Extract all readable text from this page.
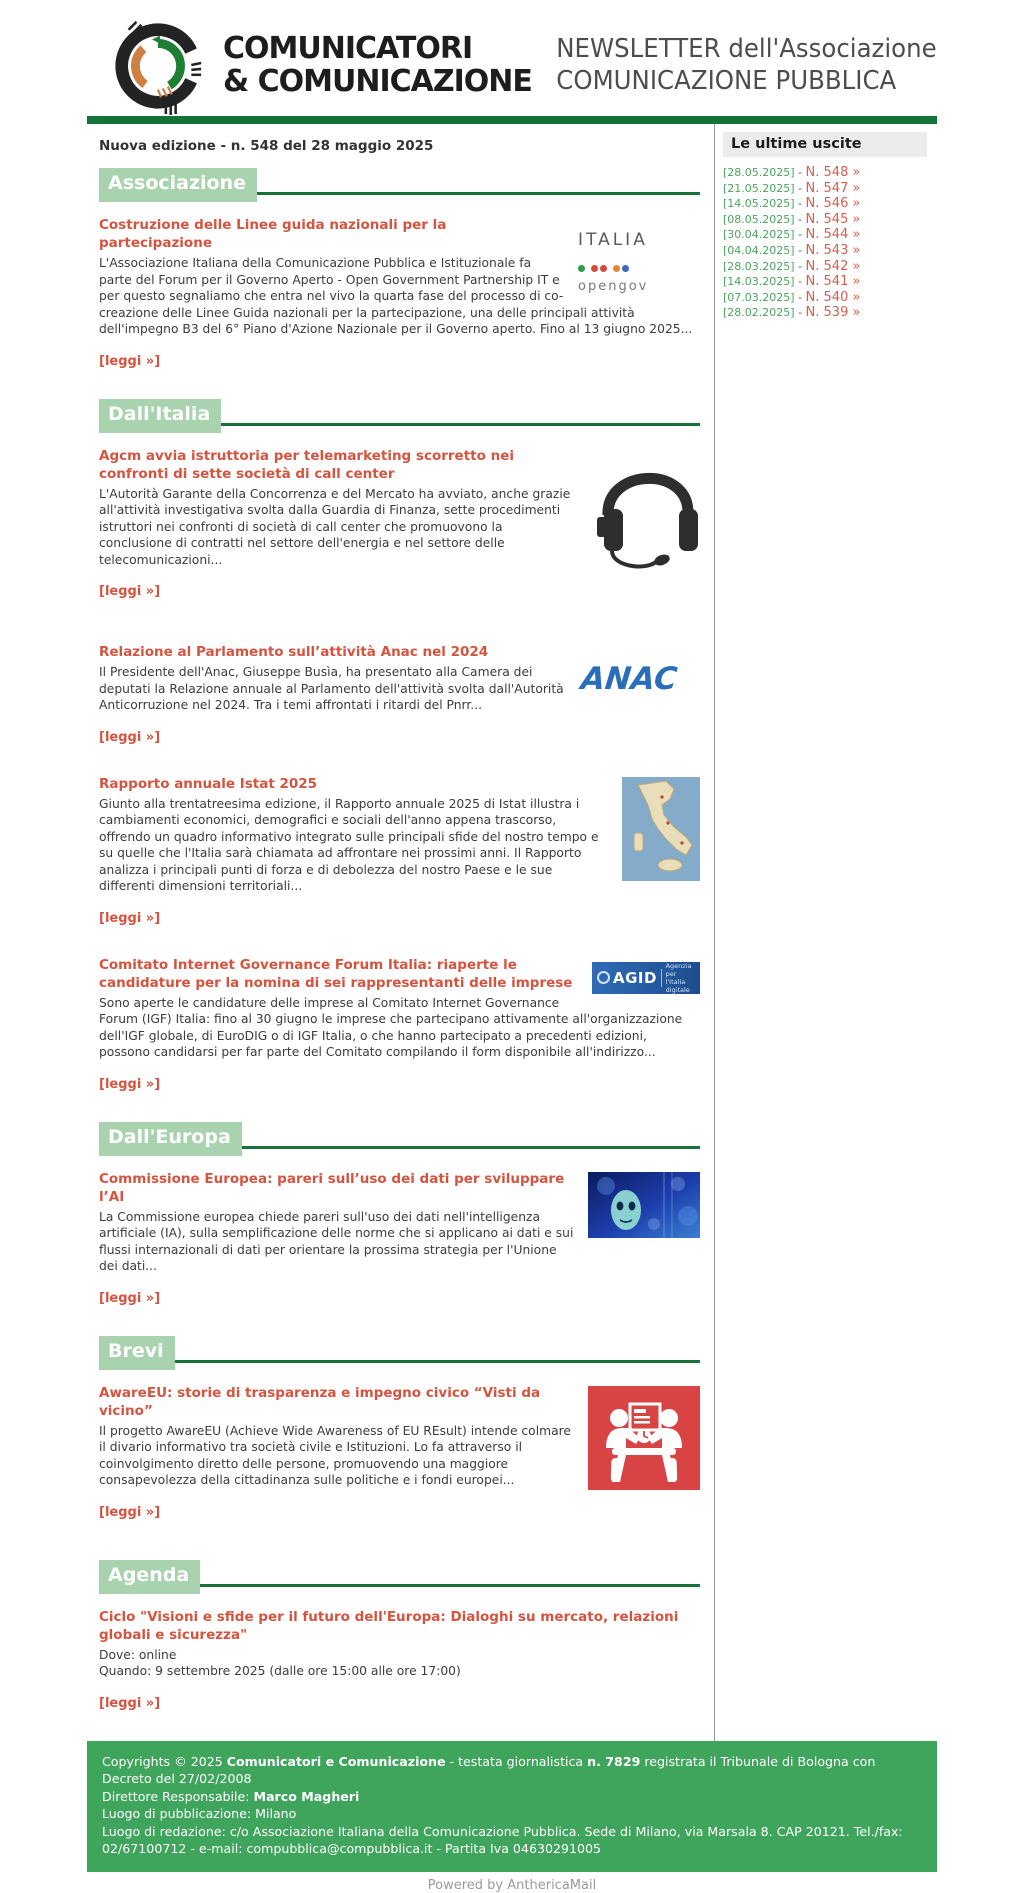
COMUNICATORI
& COMUNICAZIONE
NEWSLETTER dell'Associazione
COMUNICAZIONE PUBBLICA
Nuova edizione - n. 548 del 28 maggio 2025
Associazione
ITALIA
opengov
Costruzione delle Linee guida nazionali per la partecipazione
L'Associazione Italiana della Comunicazione Pubblica e Istituzionale fa parte del Forum per il Governo Aperto - Open Government Partnership IT e per questo segnaliamo che entra nel vivo la quarta fase del processo di co-creazione delle Linee Guida nazionali per la partecipazione, una delle principali attività dell'impegno B3 del 6° Piano d'Azione Nazionale per il Governo aperto. Fino al 13 giugno 2025...
[leggi »]
Dall'Italia
Agcm avvia istruttoria per telemarketing scorretto nei confronti di sette società di call center
L'Autorità Garante della Concorrenza e del Mercato ha avviato, anche grazie all'attività investigativa svolta dalla Guardia di Finanza, sette procedimenti istruttori nei confronti di società di call center che promuovono la conclusione di contratti nel settore dell'energia e nel settore delle telecomunicazioni...
[leggi »]
ANAC
Relazione al Parlamento sull’attività Anac nel 2024
Il Presidente dell'Anac, Giuseppe Busìa, ha presentato alla Camera dei deputati la Relazione annuale al Parlamento dell'attività svolta dall'Autorità Anticorruzione nel 2024. Tra i temi affrontati i ritardi del Pnrr...
[leggi »]
Rapporto annuale Istat 2025
Giunto alla trentatreesima edizione, il Rapporto annuale 2025 di Istat illustra i cambiamenti economici, demografici e sociali dell'anno appena trascorso, offrendo un quadro informativo integrato sulle principali sfide del nostro tempo e su quelle che l'Italia sarà chiamata ad affrontare nei prossimi anni. Il Rapporto analizza i principali punti di forza e di debolezza del nostro Paese e le sue differenti dimensioni territoriali...
[leggi »]
AGID
Agenzia per
l'Italia digitale
Comitato Internet Governance Forum Italia: riaperte le candidature per la nomina di sei rappresentanti delle imprese
Sono aperte le candidature delle imprese al Comitato Internet Governance Forum (IGF) Italia: fino al 30 giugno le imprese che partecipano attivamente all'organizzazione dell'IGF globale, di EuroDIG o di IGF Italia, o che hanno partecipato a precedenti edizioni, possono candidarsi per far parte del Comitato compilando il form disponibile all'indirizzo...
[leggi »]
Dall'Europa
Commissione Europea: pareri sull’uso dei dati per sviluppare l’AI
La Commissione europea chiede pareri sull'uso dei dati nell'intelligenza artificiale (IA), sulla semplificazione delle norme che si applicano ai dati e sui flussi internazionali di dati per orientare la prossima strategia per l'Unione dei dati...
[leggi »]
Brevi
AwareEU: storie di trasparenza e impegno civico “Visti da vicino”
Il progetto AwareEU (Achieve Wide Awareness of EU REsult) intende colmare il divario informativo tra società civile e Istituzioni. Lo fa attraverso il coinvolgimento diretto delle persone, promuovendo una maggiore consapevolezza della cittadinanza sulle politiche e i fondi europei...
[leggi »]
Agenda
Ciclo "Visioni e sfide per il futuro dell'Europa: Dialoghi su mercato, relazioni globali e sicurezza"
Dove: online
Quando: 9 settembre 2025 (dalle ore 15:00 alle ore 17:00)
[leggi »]
Le ultime uscite
[28.05.2025] - N. 548 »
[21.05.2025] - N. 547 »
[14.05.2025] - N. 546 »
[08.05.2025] - N. 545 »
[30.04.2025] - N. 544 »
[04.04.2025] - N. 543 »
[28.03.2025] - N. 542 »
[14.03.2025] - N. 541 »
[07.03.2025] - N. 540 »
[28.02.2025] - N. 539 »
Copyrights © 2025 Comunicatori e Comunicazione - testata giornalistica n. 7829 registrata il Tribunale di Bologna con Decreto del 27/02/2008
Direttore Responsabile: Marco Magheri
Luogo di pubblicazione: Milano
Luogo di redazione: c/o Associazione Italiana della Comunicazione Pubblica. Sede di Milano, via Marsala 8. CAP 20121. Tel./fax: 02/67100712 - e-mail: compubblica@compubblica.it - Partita Iva 04630291005
Powered by AnthericaMail
